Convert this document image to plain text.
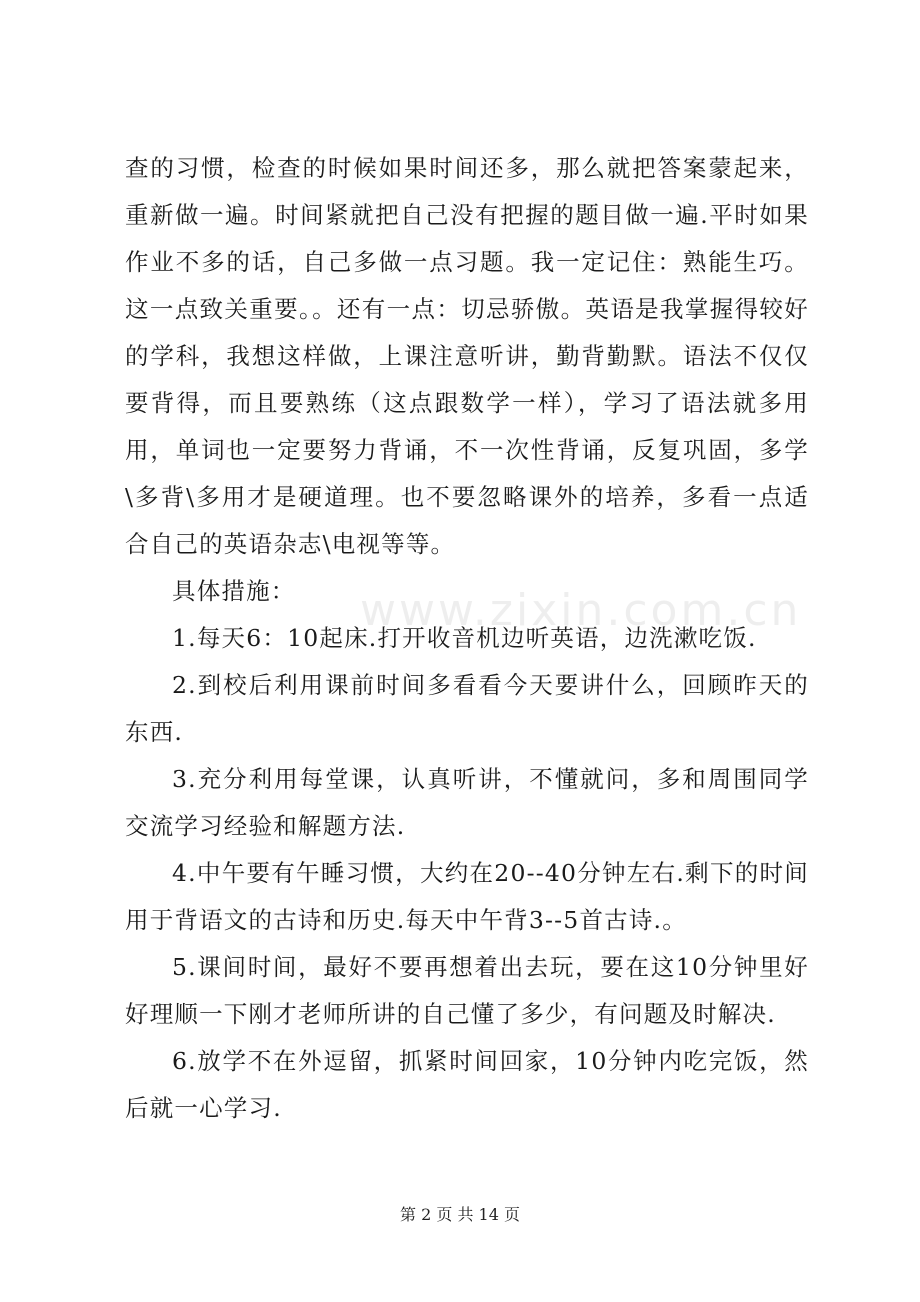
查的习惯，检查的时候如果时间还多，那么就把答案蒙起来，重新做一遍。时间紧就把自己没有把握的题目做一遍.平时如果作业不多的话，自己多做一点习题。我一定记住：熟能生巧。这一点致关重要。。还有一点：切忌骄傲。英语是我掌握得较好的学科，我想这样做，上课注意听讲，勤背勤默。语法不仅仅要背得，而且要熟练（这点跟数学一样），学习了语法就多用用，单词也一定要努力背诵，不一次性背诵，反复巩固，多学\多背\多用才是硬道理。也不要忽略课外的培养，多看一点适合自己的英语杂志\电视等等。

具体措施：

1.每天6：10起床.打开收音机边听英语，边洗漱吃饭.

2.到校后利用课前时间多看看今天要讲什么，回顾昨天的东西.

3.充分利用每堂课，认真听讲，不懂就问，多和周围同学交流学习经验和解题方法.

4.中午要有午睡习惯，大约在20--40分钟左右.剩下的时间用于背语文的古诗和历史.每天中午背3--5首古诗.。

5.课间时间，最好不要再想着出去玩，要在这10分钟里好好理顺一下刚才老师所讲的自己懂了多少，有问题及时解决.

6.放学不在外逗留，抓紧时间回家，10分钟内吃完饭，然后就一心学习.

www.zixin.com.cn
第 2 页 共 14 页
